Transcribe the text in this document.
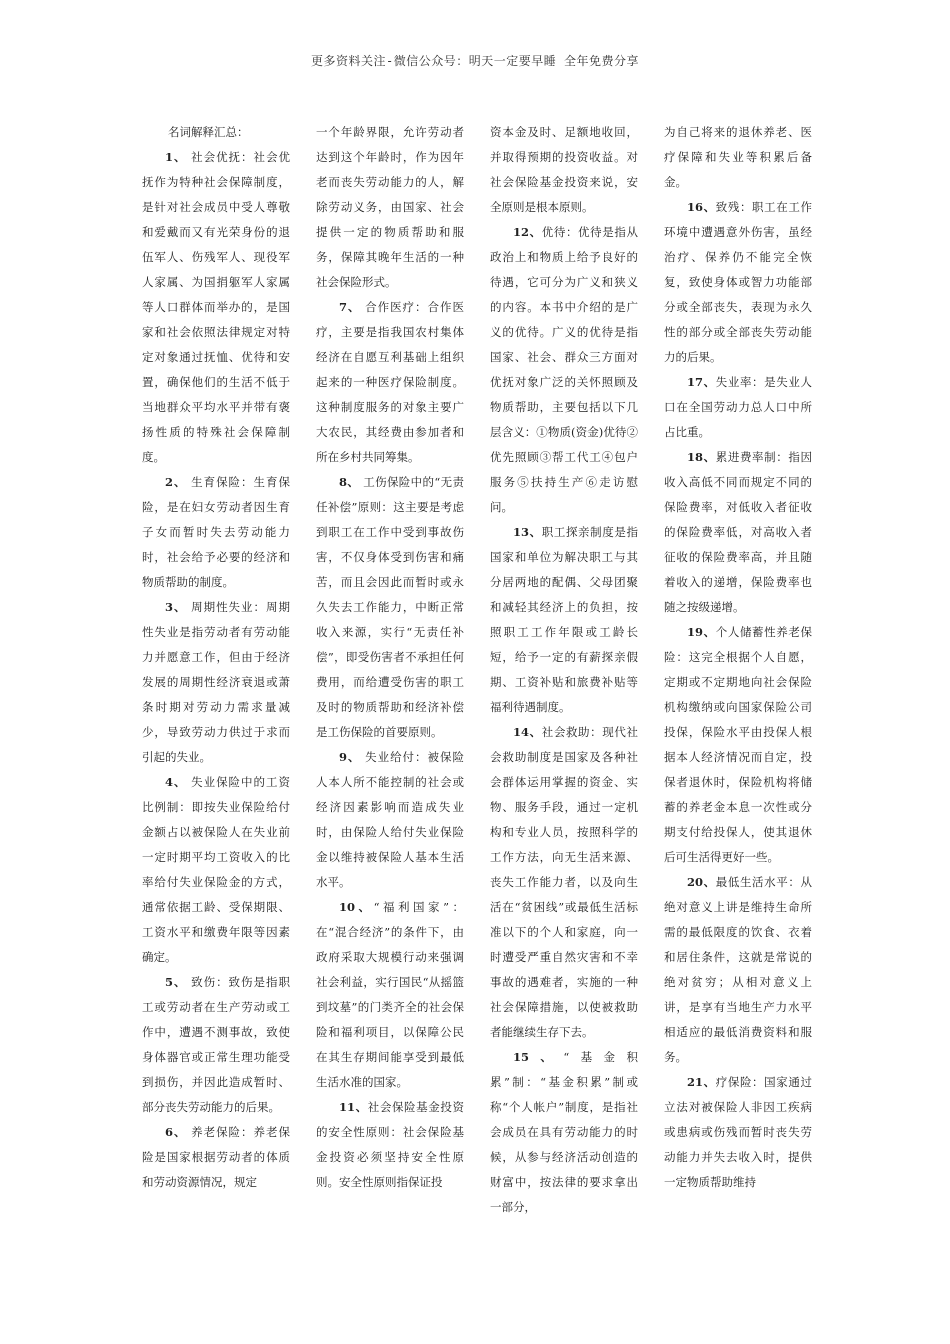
更多资料关注-微信公众号：明天一定要早睡 全年免费分享

名词解释汇总：

1、 社会优抚：社会优抚作为特种社会保障制度，是针对社会成员中受人尊敬和爱戴而又有光荣身份的退伍军人、伤残军人、现役军人家属、为国捐躯军人家属等人口群体而举办的，是国家和社会依照法律规定对特定对象通过抚恤、优待和安置，确保他们的生活不低于当地群众平均水平并带有褒扬性质的特殊社会保障制度。

2、 生育保险：生育保险，是在妇女劳动者因生育子女而暂时失去劳动能力时，社会给予必要的经济和物质帮助的制度。

3、 周期性失业：周期性失业是指劳动者有劳动能力并愿意工作，但由于经济发展的周期性经济衰退或萧条时期对劳动力需求量减少，导致劳动力供过于求而引起的失业。

4、 失业保险中的工资比例制：即按失业保险给付金额占以被保险人在失业前一定时期平均工资收入的比率给付失业保险金的方式，通常依据工龄、受保期限、工资水平和缴费年限等因素确定。

5、 致伤：致伤是指职工或劳动者在生产劳动或工作中，遭遇不测事故，致使身体器官或正常生理功能受到损伤，并因此造成暂时、部分丧失劳动能力的后果。

6、 养老保险：养老保险是国家根据劳动者的体质和劳动资源情况，规定

一个年龄界限，允许劳动者达到这个年龄时，作为因年老而丧失劳动能力的人，解除劳动义务，由国家、社会提供一定的物质帮助和服务，保障其晚年生活的一种社会保险形式。

7、 合作医疗：合作医疗，主要是指我国农村集体经济在自愿互利基础上组织起来的一种医疗保险制度。这种制度服务的对象主要广大农民，其经费由参加者和所在乡村共同筹集。

8、 工伤保险中的“无责任补偿”原则：这主要是考虑到职工在工作中受到事故伤害，不仅身体受到伤害和痛苦，而且会因此而暂时或永久失去工作能力，中断正常收入来源，实行“无责任补偿”，即受伤害者不承担任何费用，而给遭受伤害的职工及时的物质帮助和经济补偿是工伤保险的首要原则。

9、 失业给付：被保险人本人所不能控制的社会或经济因素影响而造成失业时，由保险人给付失业保险金以维持被保险人基本生活水平。

10、“福利国家”：在“混合经济”的条件下，由政府采取大规模行动来强调社会利益，实行国民“从摇篮到坟墓”的门类齐全的社会保险和福利项目，以保障公民在其生存期间能享受到最低生活水准的国家。

11、社会保险基金投资的安全性原则：社会保险基金投资必须坚持安全性原则。安全性原则指保证投

资本金及时、足额地收回，并取得预期的投资收益。对社会保险基金投资来说，安全原则是根本原则。

12、优待：优待是指从政治上和物质上给予良好的待遇，它可分为广义和狭义的内容。本书中介绍的是广义的优待。广义的优待是指国家、社会、群众三方面对优抚对象广泛的关怀照顾及物质帮助，主要包括以下几层含义：①物质(资金)优待②优先照顾③帮工代工④包户服务⑤扶持生产⑥走访慰问。

13、职工探亲制度是指国家和单位为解决职工与其分居两地的配偶、父母团聚和减轻其经济上的负担，按照职工工作年限或工龄长短，给予一定的有薪探亲假期、工资补贴和旅费补贴等福利待遇制度。

14、社会救助：现代社会救助制度是国家及各种社会群体运用掌握的资金、实物、服务手段，通过一定机构和专业人员，按照科学的工作方法，向无生活来源、丧失工作能力者，以及向生活在“贫困线”或最低生活标准以下的个人和家庭，向一时遭受严重自然灾害和不幸事故的遇难者，实施的一种社会保障措施，以使被救助者能继续生存下去。

15、“基金积累”制：“基金积累”制或称“个人帐户”制度，是指社会成员在具有劳动能力的时候，从参与经济活动创造的财富中，按法律的要求拿出一部分，

为自己将来的退休养老、医疗保障和失业等积累后备金。

16、致残：职工在工作环境中遭遇意外伤害，虽经治疗、保养仍不能完全恢复，致使身体或智力功能部分或全部丧失，表现为永久性的部分或全部丧失劳动能力的后果。

17、失业率：是失业人口在全国劳动力总人口中所占比重。

18、累进费率制：指因收入高低不同而规定不同的保险费率，对低收入者征收的保险费率低，对高收入者征收的保险费率高，并且随着收入的递增，保险费率也随之按级递增。

19、个人储蓄性养老保险：这完全根据个人自愿，定期或不定期地向社会保险机构缴纳或向国家保险公司投保，保险水平由投保人根据本人经济情况而自定，投保者退休时，保险机构将储蓄的养老金本息一次性或分期支付给投保人，使其退休后可生活得更好一些。

20、最低生活水平：从绝对意义上讲是维持生命所需的最低限度的饮食、衣着和居住条件，这就是常说的绝对贫穷；从相对意义上讲，是享有当地生产力水平相适应的最低消费资料和服务。

21、疗保险：国家通过立法对被保险人非因工疾病或患病或伤残而暂时丧失劳动能力并失去收入时，提供一定物质帮助维持
